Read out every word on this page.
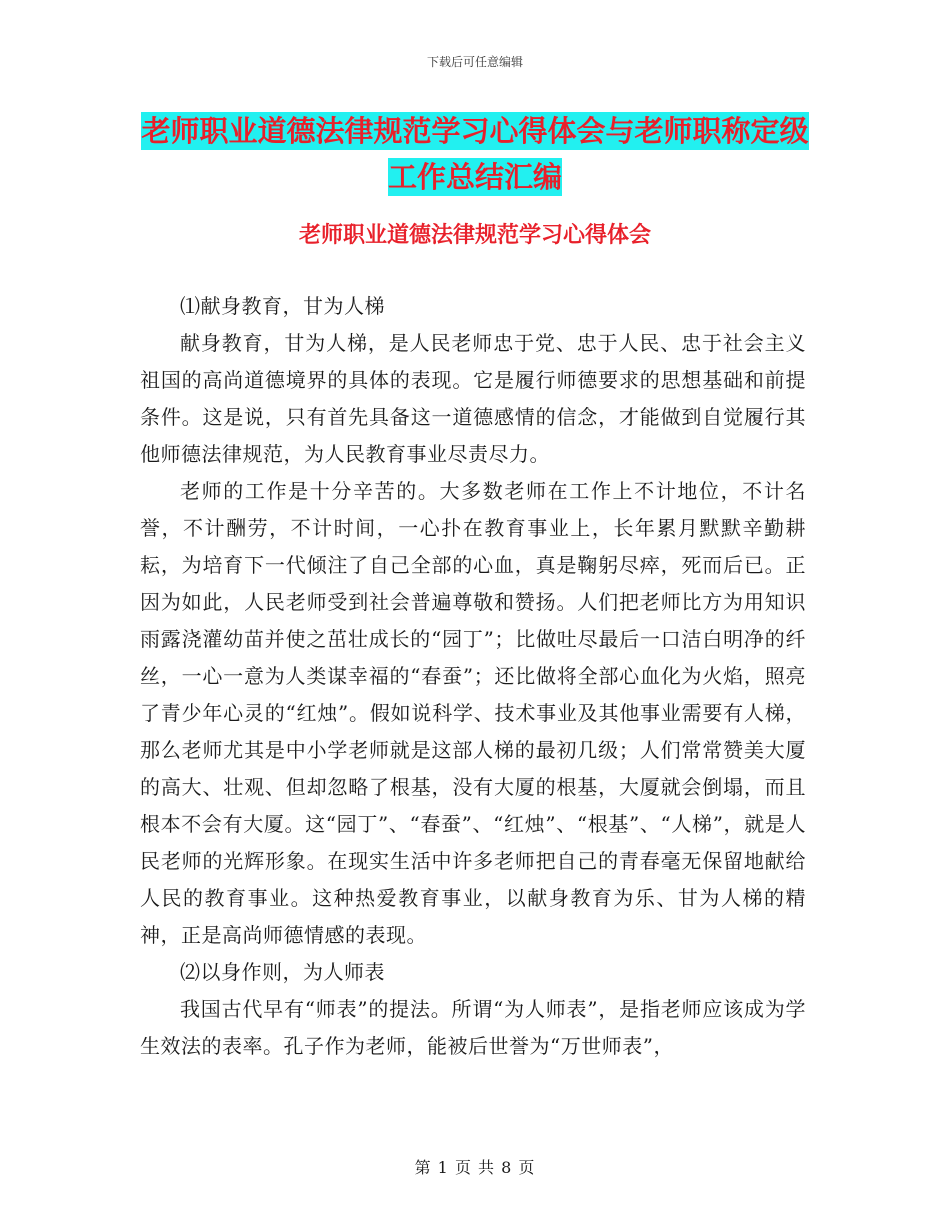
下载后可任意编辑
老师职业道德法律规范学习心得体会与老师职称定级
工作总结汇编
老师职业道德法律规范学习心得体会

⑴献身教育，甘为人梯

献身教育，甘为人梯，是人民老师忠于党、忠于人民、忠于社会主义祖国的高尚道德境界的具体的表现。它是履行师德要求的思想基础和前提条件。这是说，只有首先具备这一道德感情的信念，才能做到自觉履行其他师德法律规范，为人民教育事业尽责尽力。

老师的工作是十分辛苦的。大多数老师在工作上不计地位，不计名誉，不计酬劳，不计时间，一心扑在教育事业上，长年累月默默辛勤耕耘，为培育下一代倾注了自己全部的心血，真是鞠躬尽瘁，死而后已。正因为如此，人民老师受到社会普遍尊敬和赞扬。人们把老师比方为用知识雨露浇灌幼苗并使之茁壮成长的“园丁”；比做吐尽最后一口洁白明净的纤丝，一心一意为人类谋幸福的“春蚕”；还比做将全部心血化为火焰，照亮了青少年心灵的“红烛”。假如说科学、技术事业及其他事业需要有人梯，那么老师尤其是中小学老师就是这部人梯的最初几级；人们常常赞美大厦的高大、壮观、但却忽略了根基，没有大厦的根基，大厦就会倒塌，而且根本不会有大厦。这“园丁”、“春蚕”、“红烛”、“根基”、“人梯”，就是人民老师的光辉形象。在现实生活中许多老师把自己的青春毫无保留地献给人民的教育事业。这种热爱教育事业，以献身教育为乐、甘为人梯的精神，正是高尚师德情感的表现。

⑵以身作则，为人师表

我国古代早有“师表”的提法。所谓“为人师表”，是指老师应该成为学生效法的表率。孔子作为老师，能被后世誉为“万世师表”，

第 1 页 共 8 页
